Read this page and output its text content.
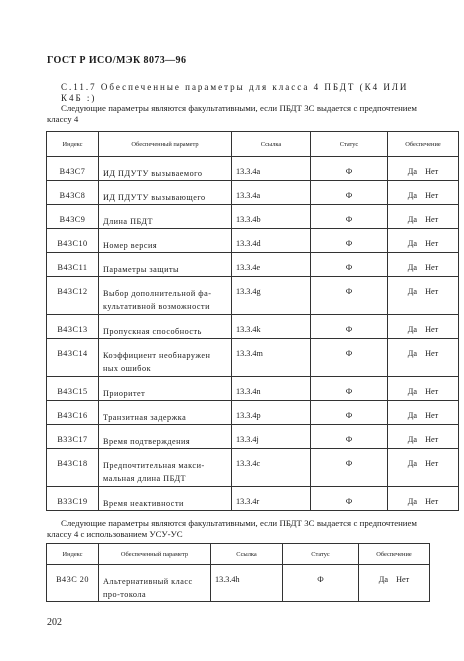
ГОСТ Р ИСО/МЭК 8073—96
C.11.7 Обеспеченные параметры для класса 4 ПБДТ (К4 ИЛИ К4Б :)
Следующие параметры являются факультативными, если ПБДТ 3С выдается с предпочтением классу 4
Индекс	Обеспеченный параметр	Ссылка	Статус	Обеспечение
В43С7	ИД ПДУТУ вызываемого	13.3.4a	Ф	Да Нет
В43С8	ИД ПДУТУ вызывающего	13.3.4a	Ф	Да Нет
В43С9	Длина ПБДТ	13.3.4b	Ф	Да Нет
В43С10	Номер версия	13.3.4d	Ф	Да Нет
В43С11	Параметры защиты	13.3.4e	Ф	Да Нет
В43С12	Выбор дополнительной фа-культативной возможности	13.3.4g	Ф	Да Нет
В43С13	Пропускная способность	13.3.4k	Ф	Да Нет
В43С14	Коэффициент необнаружен ных ошибок	13.3.4m	Ф	Да Нет
В43С15	Приоритет	13.3.4n	Ф	Да Нет
В43С16	Транзитная задержка	13.3.4p	Ф	Да Нет
В33С17	Время подтверждения	13.3.4j	Ф	Да Нет
В43С18	Предпочтительная макси-мальная длина ПБДТ	13.3.4c	Ф	Да Нет
В33С19	Время неактивности	13.3.4r	Ф	Да Нет
Следующие параметры являются факультативными, если ПБДТ 3С выдается с предпочтением классу 4 с использованием УСУ-УС
Индекс	Обеспеченный параметр	Ссылка	Статус	Обеспечение
В43С 20	Альтернативный класс про-токола	13.3.4h	Ф	Да Нет
202
